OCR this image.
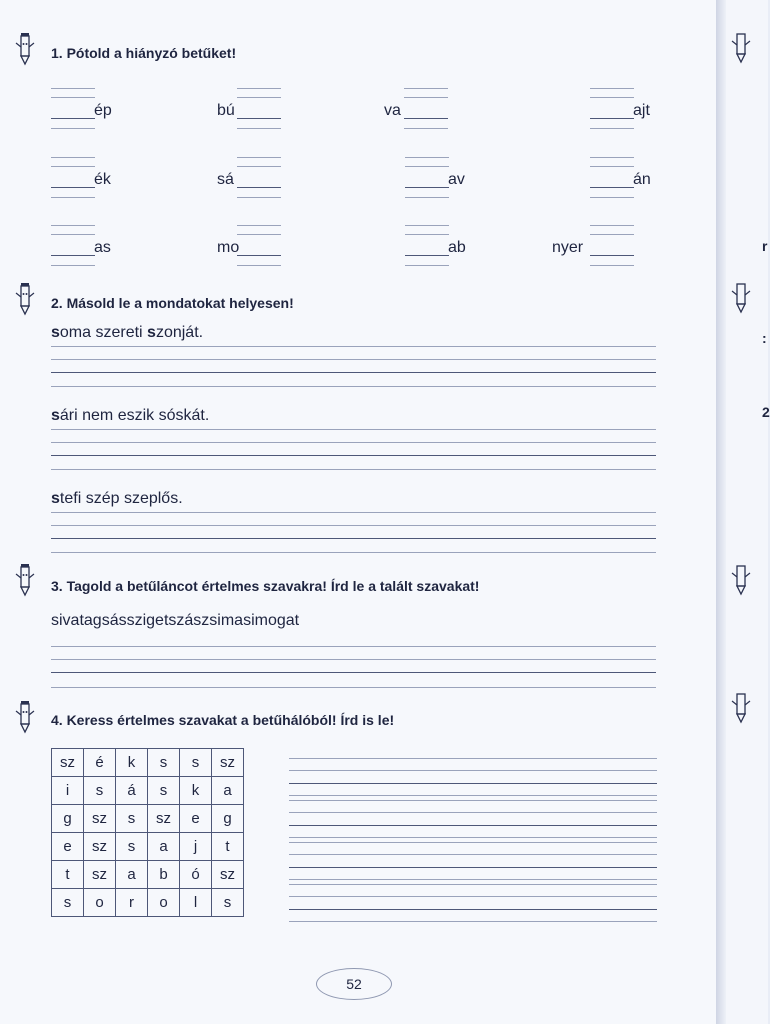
1. Pótold a hiányzó betűket!
ép	bú	va	ajt
ék	sá	av	án
as	mo	ab	nyer
2. Másold le a mondatokat helyesen!
soma szereti szonját.
sári nem eszik sóskát.
stefi szép szeplős.
3. Tagold a betűláncot értelmes szavakra! Írd le a talált szavakat!
sivatagsásszigetszászsimasimogat
4. Keress értelmes szavakat a betűhálóból! Írd is le!
sz	é	k	s	s	sz
i	s	á	s	k	a
g	sz	s	sz	e	g
e	sz	s	a	j	t
t	sz	a	b	ó	sz
s	o	r	o	l	s
52
r
:
2
